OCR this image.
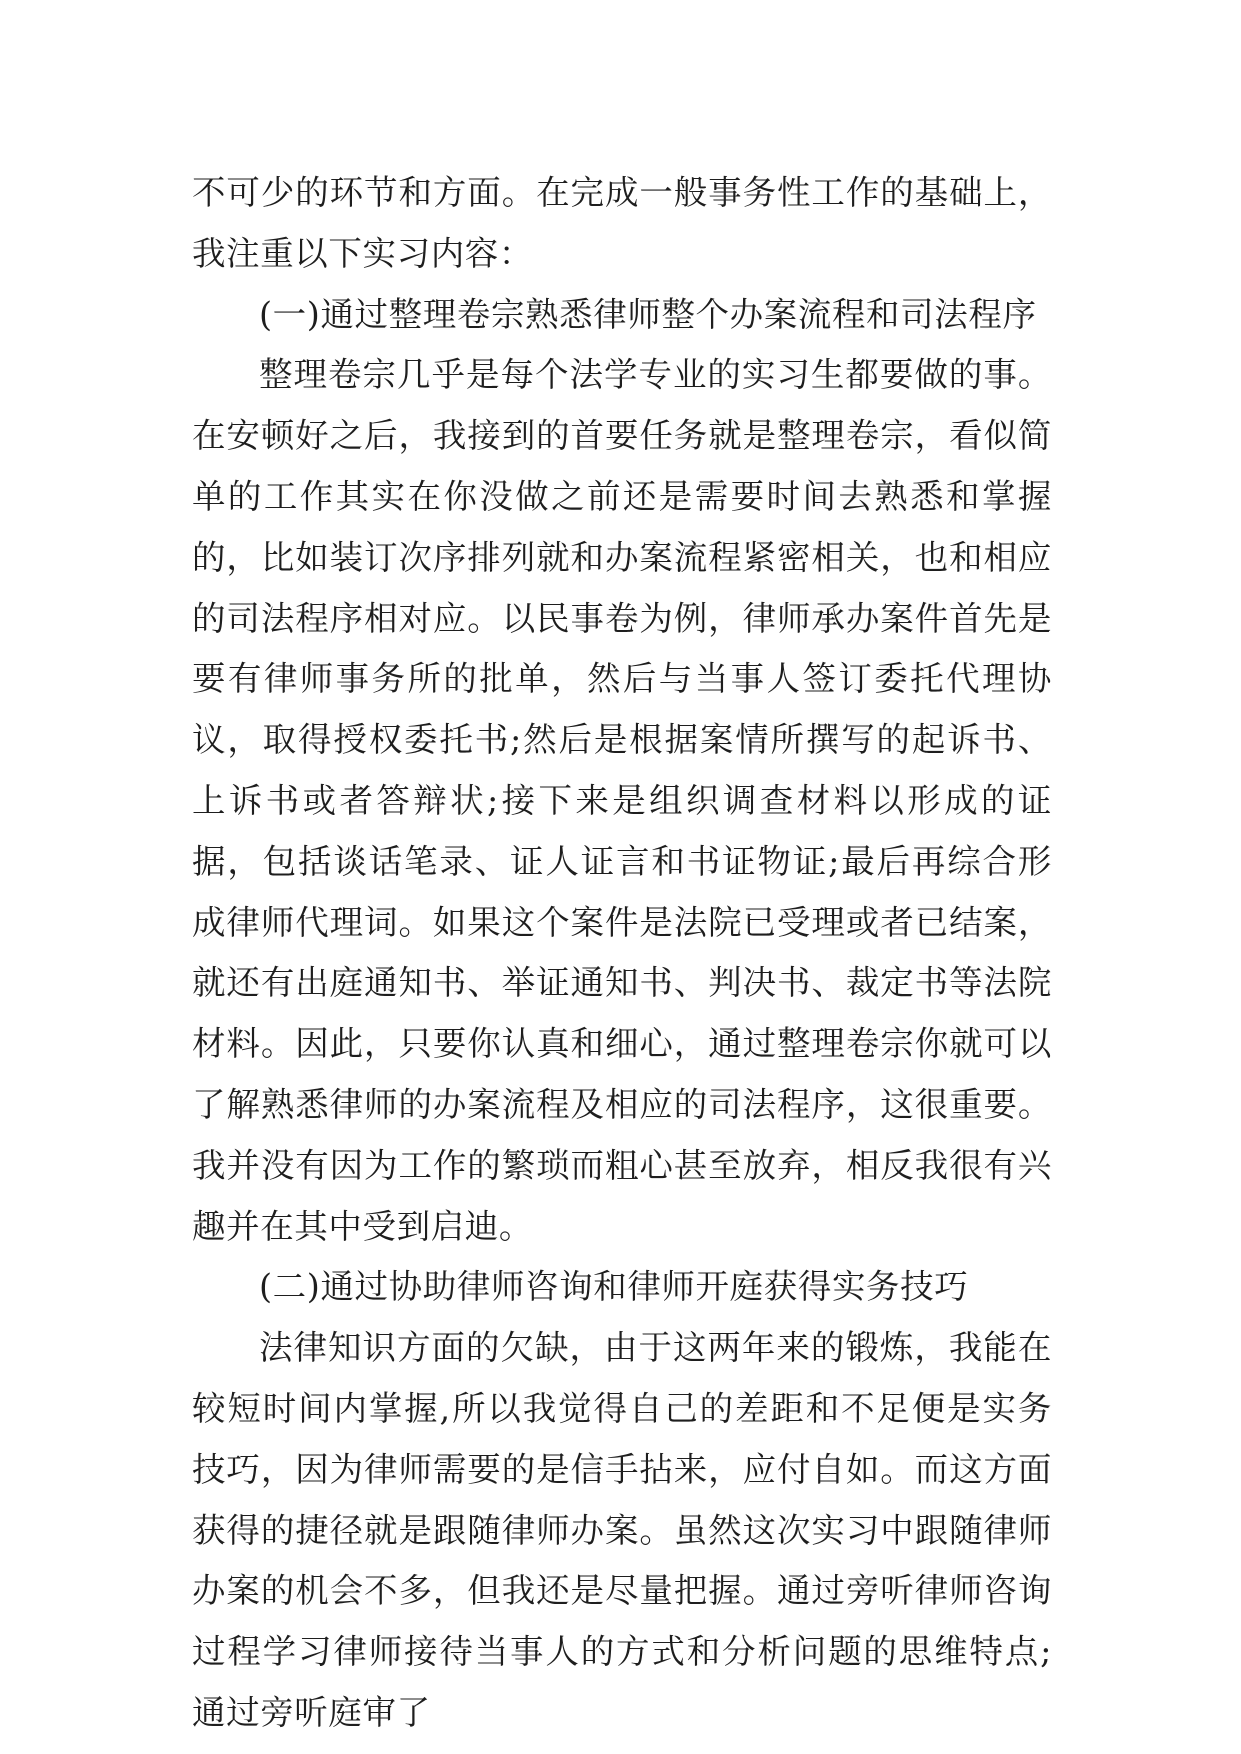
不可少的环节和方面。在完成一般事务性工作的基础上，我注重以下实习内容：

(一)通过整理卷宗熟悉律师整个办案流程和司法程序

整理卷宗几乎是每个法学专业的实习生都要做的事。在安顿好之后，我接到的首要任务就是整理卷宗，看似简单的工作其实在你没做之前还是需要时间去熟悉和掌握的，比如装订次序排列就和办案流程紧密相关，也和相应的司法程序相对应。以民事卷为例，律师承办案件首先是要有律师事务所的批单，然后与当事人签订委托代理协议，取得授权委托书;然后是根据案情所撰写的起诉书、上诉书或者答辩状;接下来是组织调查材料以形成的证据，包括谈话笔录、证人证言和书证物证;最后再综合形成律师代理词。如果这个案件是法院已受理或者已结案，就还有出庭通知书、举证通知书、判决书、裁定书等法院材料。因此，只要你认真和细心，通过整理卷宗你就可以了解熟悉律师的办案流程及相应的司法程序，这很重要。我并没有因为工作的繁琐而粗心甚至放弃，相反我很有兴趣并在其中受到启迪。

(二)通过协助律师咨询和律师开庭获得实务技巧

法律知识方面的欠缺，由于这两年来的锻炼，我能在较短时间内掌握,所以我觉得自己的差距和不足便是实务技巧，因为律师需要的是信手拈来，应付自如。而这方面获得的捷径就是跟随律师办案。虽然这次实习中跟随律师办案的机会不多，但我还是尽量把握。通过旁听律师咨询过程学习律师接待当事人的方式和分析问题的思维特点;通过旁听庭审了
